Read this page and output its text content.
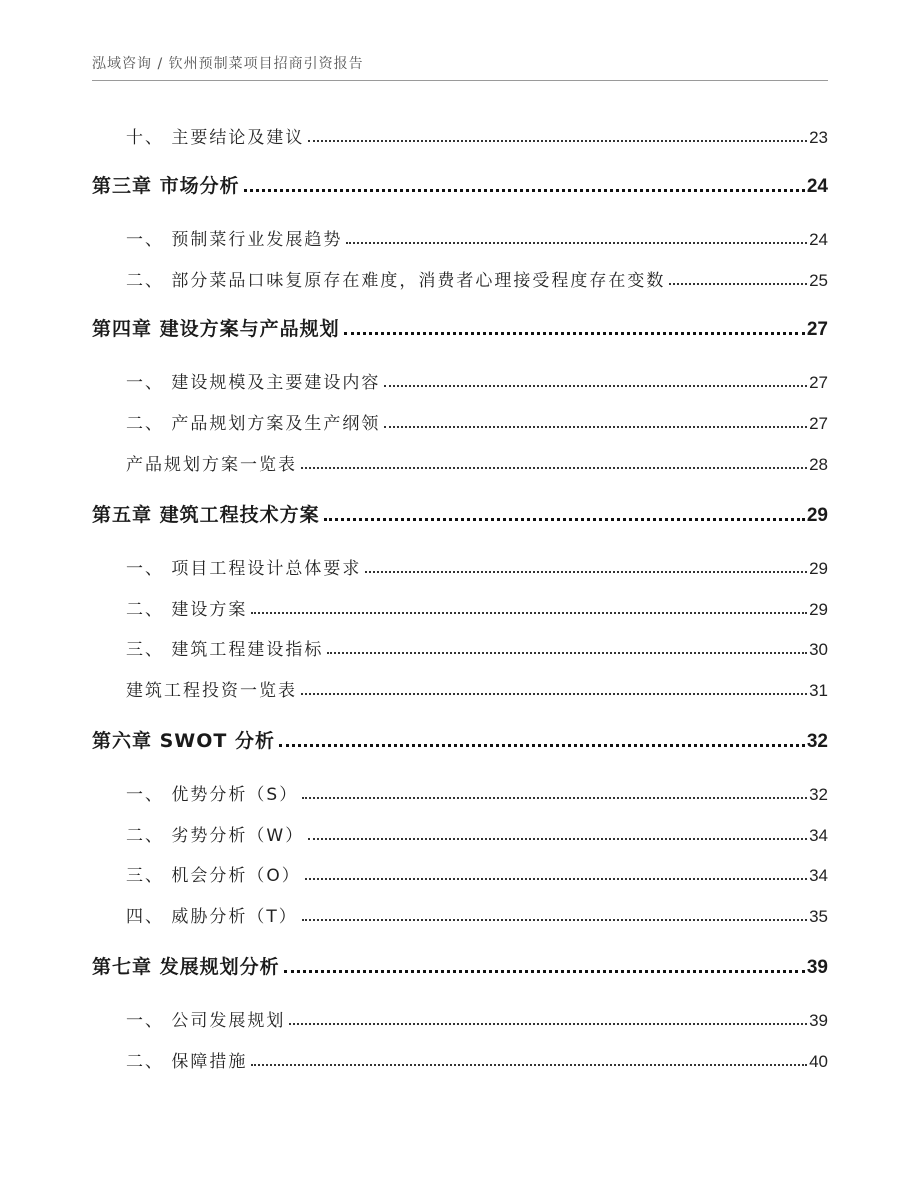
泓域咨询 / 钦州预制菜项目招商引资报告
十、 主要结论及建议	23
第三章 市场分析	24
一、 预制菜行业发展趋势	24
二、 部分菜品口味复原存在难度，消费者心理接受程度存在变数	25
第四章 建设方案与产品规划	27
一、 建设规模及主要建设内容	27
二、 产品规划方案及生产纲领	27
产品规划方案一览表	28
第五章 建筑工程技术方案	29
一、 项目工程设计总体要求	29
二、 建设方案	29
三、 建筑工程建设指标	30
建筑工程投资一览表	31
第六章 SWOT 分析	32
一、 优势分析（S）	32
二、 劣势分析（W）	34
三、 机会分析（O）	34
四、 威胁分析（T）	35
第七章 发展规划分析	39
一、 公司发展规划	39
二、 保障措施	40
